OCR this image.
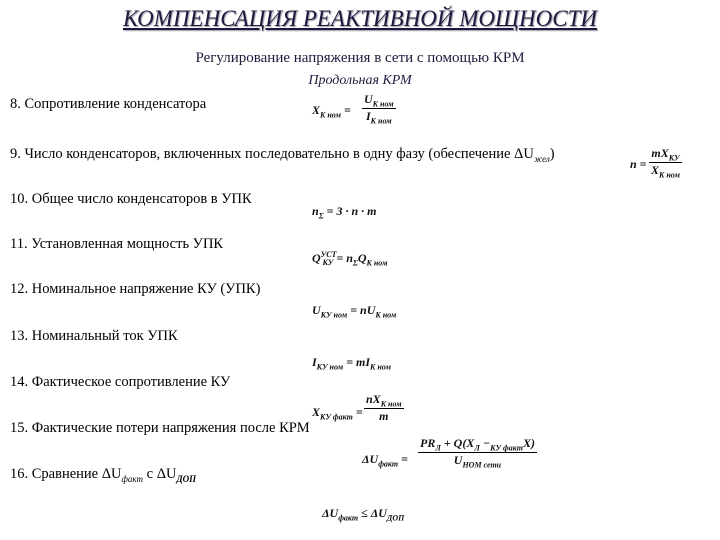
КОМПЕНСАЦИЯ РЕАКТИВНОЙ МОЩНОСТИ
Регулирование напряжения в сети с помощью КРМ
Продольная КРМ
8. Сопротивление конденсатора
9. Число конденсаторов, включенных последовательно в одну фазу (обеспечение $\Delta U_{жел}$)
10. Общее число конденсаторов в УПК
11. Установленная мощность УПК
12. Номинальное напряжение КУ (УПК)
13. Номинальный ток УПК
14. Фактическое сопротивление КУ
15. Фактические потери напряжения после КРМ
16. Сравнение $\Delta U_{факт}$ с $\Delta U_{ДОП}$
$X_{K ном}$ =
$U_{K ном}$
$I_{K ном}$
n =
$mX_{КУ}$
$X_{K ном}$
$n_\Sigma = 3 \cdot n \cdot m$
$Q^{УСТ}_{КУ} = n_\Sigma Q_{K ном}$
$U_{КУ ном} = nU_{K ном}$
$I_{КУ ном} = mI_{K ном}$
$X_{КУ факт}$ =
$nX_{K ном}$
m
$\Delta U_{факт}$ =
$PR_Л + Q(X_Л -_{КУ факт}X)$
$U_{НОМ сети}$
$\Delta U_{факт} \le \Delta U_{ДОП}$
